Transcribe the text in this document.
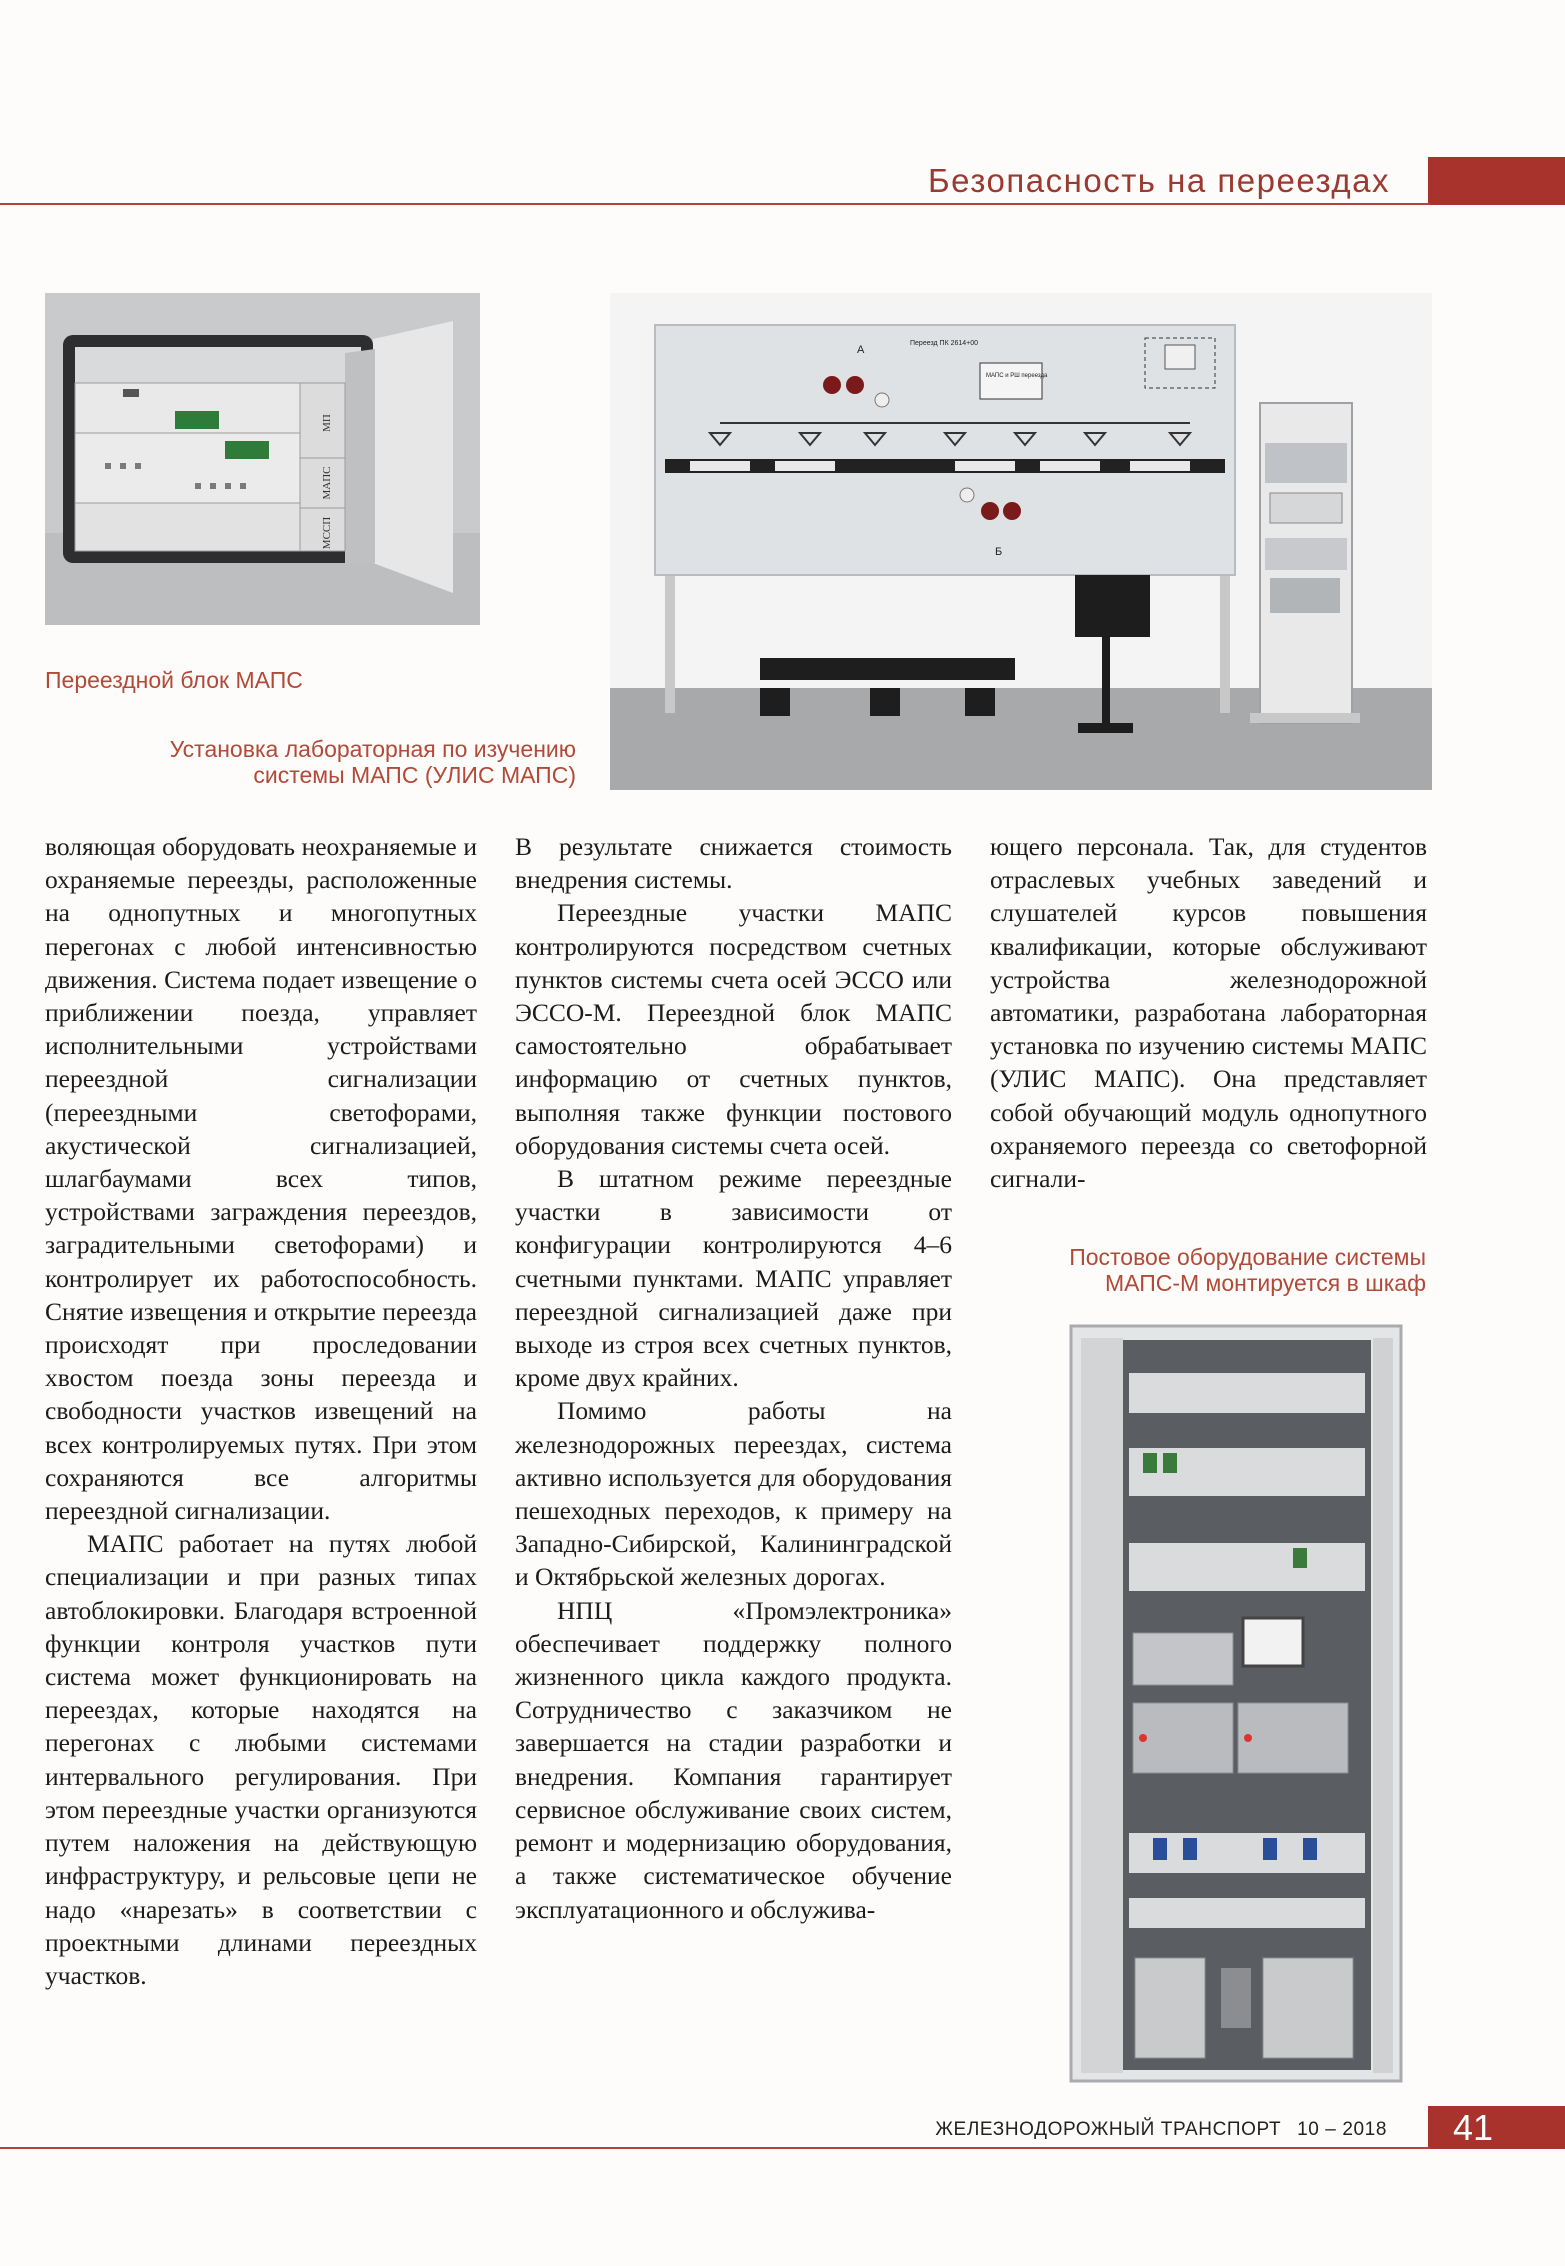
Безопасность на переездах
МП
МАПС
МССП
Переездной блок МАПС
Переезд ПК 2614+00
А
Б
МАПС и РШ переезда
Установка лабораторная по изучению
системы МАПС (УЛИС МАПС)
Постовое оборудование системы
МАПС-М монтируется в шкаф

воляющая оборудовать неохраняемые и охраняемые переезды, расположенные на однопутных и многопутных перегонах с любой интенсивностью движения. Система подает извещение о приближении поезда, управляет исполнительными устройствами переездной сигнализации (переездными светофорами, акустической сигнализацией, шлагбаумами всех типов, устройствами заграждения переездов, заградительными светофорами) и контролирует их работоспособность. Снятие извещения и открытие переезда происходят при проследовании хвостом поезда зоны переезда и свободности участков извещений на всех контролируемых путях. При этом сохраняются все алгоритмы переездной сигнализации.

МАПС работает на путях любой специализации и при разных типах автоблокировки. Благодаря встроенной функции контроля участков пути система может функционировать на переездах, которые находятся на перегонах с любыми системами интервального регулирования. При этом переездные участки организуются путем наложения на действующую инфраструктуру, и рельсовые цепи не надо «нарезать» в соответствии с проектными длинами переездных участков.

В результате снижается стоимость внедрения системы.

Переездные участки МАПС контролируются посредством счетных пунктов системы счета осей ЭССО или ЭССО-М. Переездной блок МАПС самостоятельно обрабатывает информацию от счетных пунктов, выполняя также функции постового оборудования системы счета осей.

В штатном режиме переездные участки в зависимости от конфигурации контролируются 4–6 счетными пунктами. МАПС управляет переездной сигнализацией даже при выходе из строя всех счетных пунктов, кроме двух крайних.

Помимо работы на железнодорожных переездах, система активно используется для оборудования пешеходных переходов, к примеру на Западно-Сибирской, Калининградской и Октябрьской железных дорогах.

НПЦ «Промэлектроника» обеспечивает поддержку полного жизненного цикла каждого продукта. Сотрудничество с заказчиком не завершается на стадии разработки и внедрения. Компания гарантирует сервисное обслуживание своих систем, ремонт и модернизацию оборудования, а также систематическое обучение эксплуатационного и обслужива-

ющего персонала. Так, для студентов отраслевых учебных заведений и слушателей курсов повышения квалификации, которые обслуживают устройства железнодорожной автоматики, разработана лабораторная установка по изучению системы МАПС (УЛИС МАПС). Она представляет собой обучающий модуль однопутного охраняемого переезда со светофорной сигнали-

ЖЕЛЕЗНОДОРОЖНЫЙ ТРАНСПОРТ 10 – 2018	41
